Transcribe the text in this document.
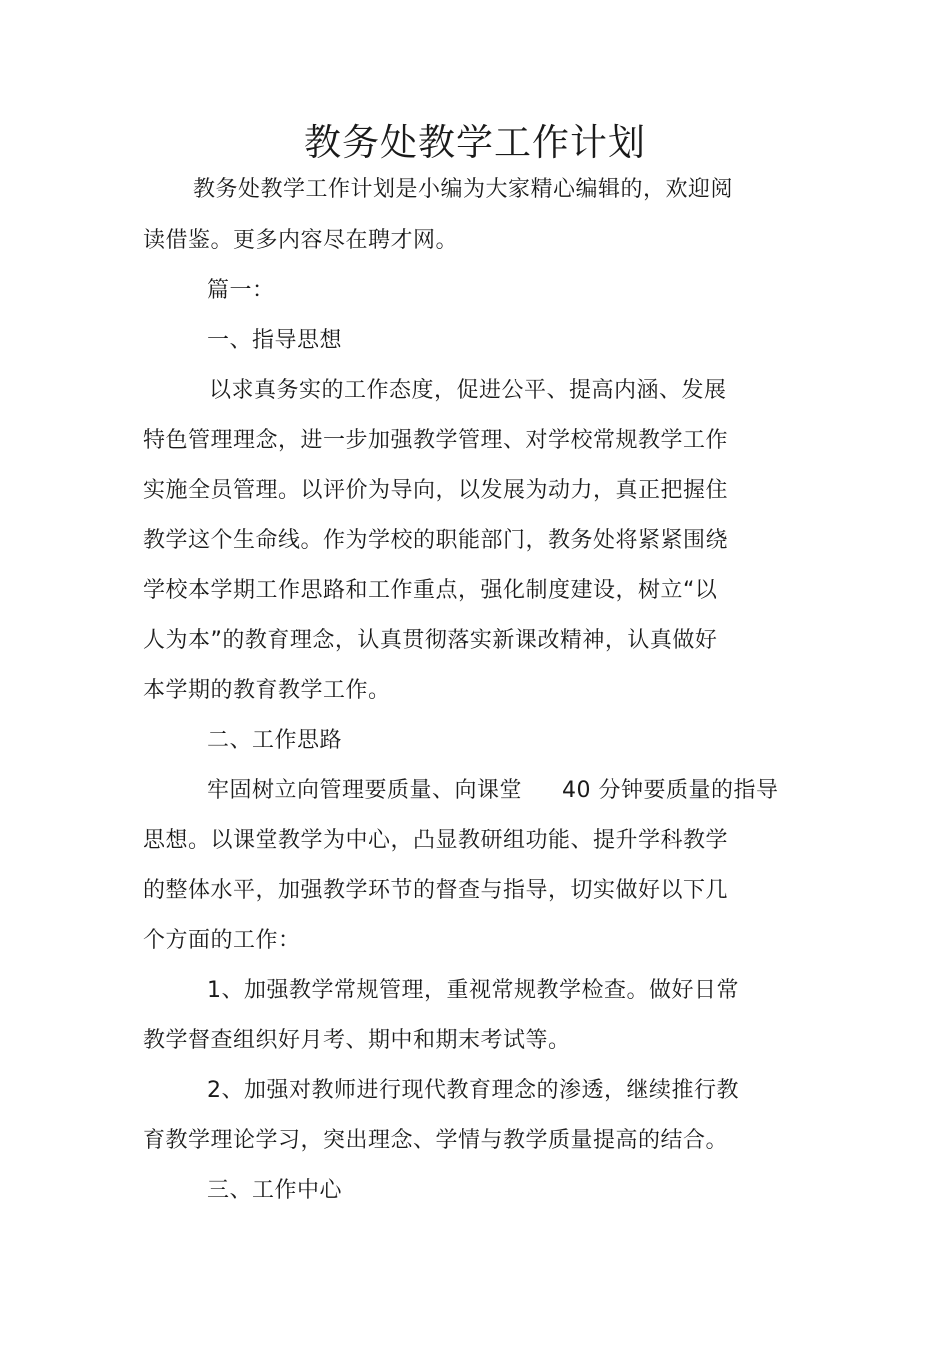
教务处教学工作计划
教务处教学工作计划是小编为大家精心编辑的，欢迎阅
读借鉴。更多内容尽在聘才网。
篇一：
一、指导思想
以求真务实的工作态度，促进公平、提高内涵、发展
特色管理理念，进一步加强教学管理、对学校常规教学工作
实施全员管理。以评价为导向，以发展为动力，真正把握住
教学这个生命线。作为学校的职能部门，教务处将紧紧围绕
学校本学期工作思路和工作重点，强化制度建设，树立“以
人为本”的教育理念，认真贯彻落实新课改精神，认真做好
本学期的教育教学工作。
二、工作思路
牢固树立向管理要质量、向课堂 40 分钟要质量的指导
思想。以课堂教学为中心，凸显教研组功能、提升学科教学
的整体水平，加强教学环节的督查与指导，切实做好以下几
个方面的工作：
1、加强教学常规管理，重视常规教学检查。做好日常
教学督查组织好月考、期中和期末考试等。
2、加强对教师进行现代教育理念的渗透，继续推行教
育教学理论学习，突出理念、学情与教学质量提高的结合。
三、工作中心
